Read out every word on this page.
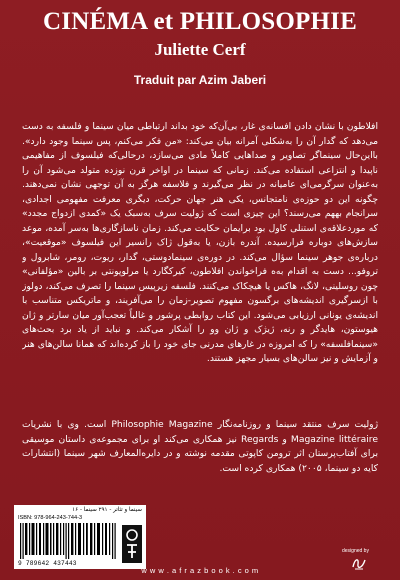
CINÉMA et PHILOSOPHIE
Juliette Cerf
Traduit par Azim Jaberi
افلاطون با نشان دادن افسانه‌ی غار، بی‌آن‌که خود بداند ارتباطی میان سینما و فلسفه به دست می‌دهد که گدار آن را به‌شکلی آمرانه بیان می‌کند: «من فکر می‌کنم، پس سینما وجود دارد». بااین‌حال سینماگر تصاویر و صداهایی کاملاً مادی می‌سازد، درحالی‌که فیلسوف از مفاهیمی ناپیدا و انتزاعی استفاده می‌کند. زمانی که سینما در اواخر قرن نوزده متولد می‌شود آن را به‌عنوان سرگرمی‌ای عامیانه در نظر می‌گیرند و فلاسفه هرگز به آن توجهی نشان نمی‌دهند. چگونه این دو حوزه‌ی نامتجانس، یکی هنر جهان حرکت، دیگری معرفت مفهومی اجدادی، سرانجام بههم می‌رسند؟ این چیزی است که ژولیت سرف به‌سبک یک «کمدی ازدواج مجدد» که موردعلاقه‌ی استنلی کاول بود برایمان حکایت می‌کند. زمان ناسازگاری‌ها به‌سر آمده، موعد سازش‌های دوباره فرارسیده. آندره بازن، یا به‌قول ژاک رانسیر این فیلسوف «موقعیت»، درباره‌ی جوهر سینما سؤال می‌کند. در دوره‌ی سینمادوستی، گدار، ریوت، رومر، شابرول و تروفو... دست به اقدام به‌ه فراخواندن افلاطون، کیرکگارد یا مرلوپونتی بر بالین «مؤلفانی» چون روسلینی، لانگ، هاکس یا هیچکاک می‌کنند. فلسفه زیرپیس سینما را تصرف می‌کند، دولوز با ازسرگیری اندیشه‌های برگسون مفهوم تصویر-زمان را می‌آفریند، و ماتریکس متناسب با اندیشه‌ی یونانی ارزیابی می‌شود. این کتاب روابطی پرشور و غالباً تعجب‌آور میان سارتر و ژان هیوستون، هایدگر و رنه، ژیژک و ژان وو را آشکار می‌کند. و نباید از یاد برد بحث‌های «سینمافلسفه» را که امروزه در غارهای مدرنی جای خود را باز کرده‌اند که همانا سالن‌های هنر و آزمایش و نیز سالن‌های بسیار مجهز هستند.
ژولیت سرف منتقد سینما و روزنامه‌نگار Philosophie Magazine است. وی با نشریات Magazine littéraire و Regards نیز همکاری می‌کند او برای مجموعه‌ی داستان موسیقی برای آفتاب‌پرستان اثر ترومن کاپوتی مقدمه نوشته و در دایره‌المعارف شهر سینما (انتشارات کایه دو سینما، ۲۰۰۵) همکاری کرده است.
سینما و تئاتر - ۲۹۱ سینما - ۱۶
ISBN: 978-964-243-744-3
9 789642 437443
designed by
w w w . a f r a z b o o k . c o m
